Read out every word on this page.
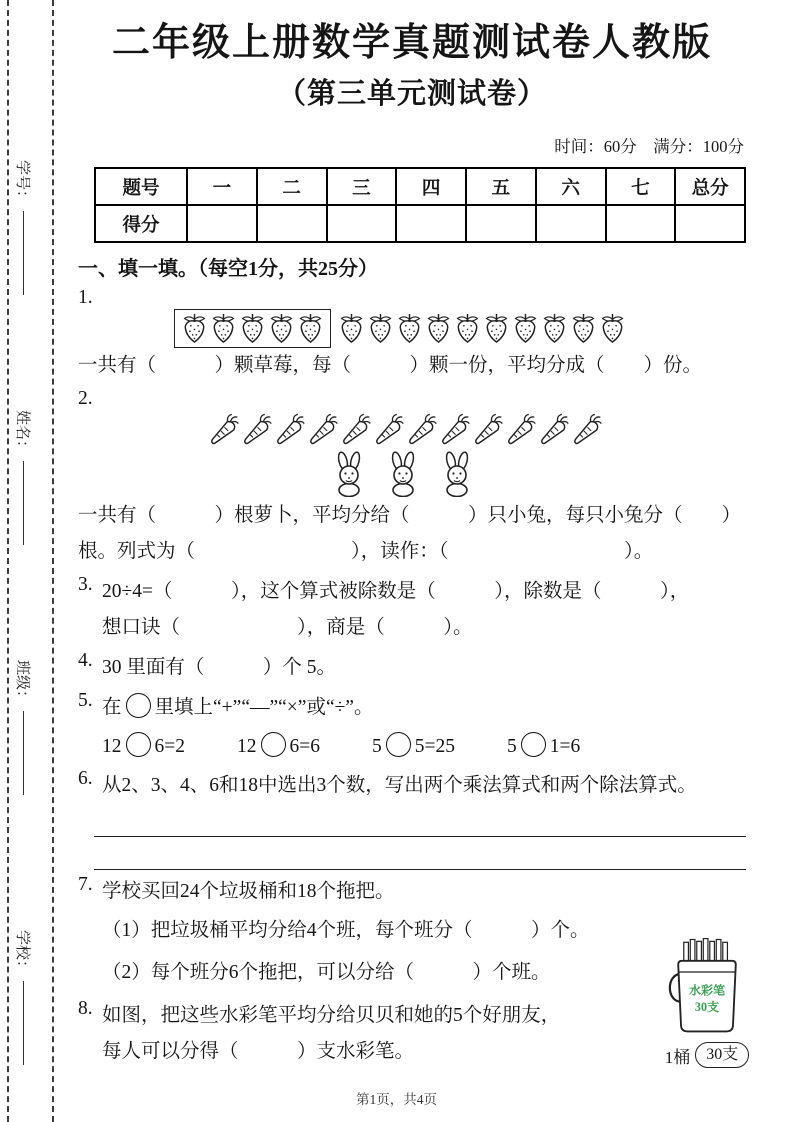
学号：
姓名：
班级：
学校：
二年级上册数学真题测试卷人教版
（第三单元测试卷）
时间：60分　满分：100分
题号	一	二	三	四	五	六	七	总分
得分								
一、填一填。（每空1分，共25分）
1.
一共有（　　　）颗草莓，每（　　　）颗一份，平均分成（　　）份。
2.
一共有（　　　）根萝卜，平均分给（　　　）只小兔，每只小兔分（　　）
根。列式为（　　　　　　　　），读作：（　　　　　　　　　）。
3. 20÷4=（　　　），这个算式被除数是（　　　），除数是（　　　），
想口诀（　　　　　　），商是（　　　）。
4. 30 里面有（　　　）个 5。
5. 在 里填上“+”“—”“×”或“÷”。
12 6=2	12 6=6	5 5=25	5 1=6
6. 从2、3、4、6和18中选出3个数，写出两个乘法算式和两个除法算式。
7. 学校买回24个垃圾桶和18个拖把。
（1）把垃圾桶平均分给4个班，每个班分（　　　）个。
（2）每个班分6个拖把，可以分给（　　　）个班。
8. 如图，把这些水彩笔平均分给贝贝和她的5个好朋友，
每人可以分得（　　　）支水彩笔。
水彩笔
30支
1桶	30支
第1页，共4页
